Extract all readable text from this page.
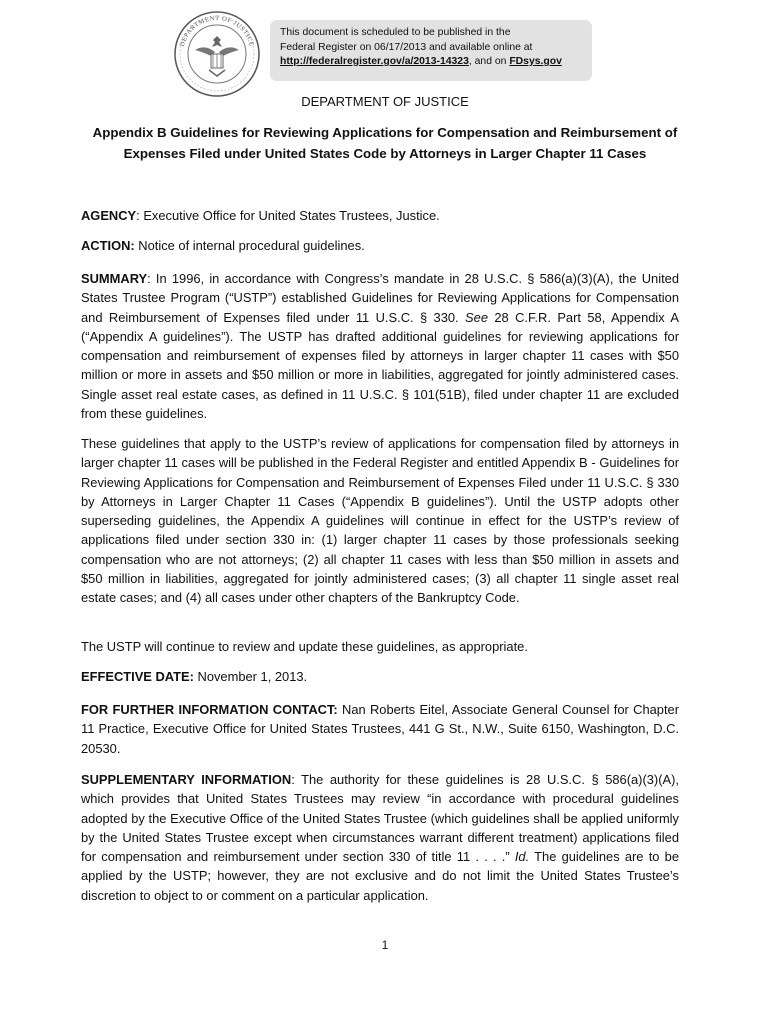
DEPARTMENT OF JUSTICE
This document is scheduled to be published in the
Federal Register on 06/17/2013 and available online at
http://federalregister.gov/a/2013-14323, and on FDsys.gov
DEPARTMENT OF JUSTICE
Appendix B Guidelines for Reviewing Applications for Compensation and Reimbursement of Expenses Filed under United States Code by Attorneys in Larger Chapter 11 Cases
AGENCY: Executive Office for United States Trustees, Justice.
ACTION: Notice of internal procedural guidelines.
SUMMARY: In 1996, in accordance with Congress’s mandate in 28 U.S.C. § 586(a)(3)(A), the United States Trustee Program (“USTP”) established Guidelines for Reviewing Applications for Compensation and Reimbursement of Expenses filed under 11 U.S.C. § 330. See 28 C.F.R. Part 58, Appendix A (“Appendix A guidelines”). The USTP has drafted additional guidelines for reviewing applications for compensation and reimbursement of expenses filed by attorneys in larger chapter 11 cases with $50 million or more in assets and $50 million or more in liabilities, aggregated for jointly administered cases. Single asset real estate cases, as defined in 11 U.S.C. § 101(51B), filed under chapter 11 are excluded from these guidelines.
These guidelines that apply to the USTP’s review of applications for compensation filed by attorneys in larger chapter 11 cases will be published in the Federal Register and entitled Appendix B - Guidelines for Reviewing Applications for Compensation and Reimbursement of Expenses Filed under 11 U.S.C. § 330 by Attorneys in Larger Chapter 11 Cases (“Appendix B guidelines”). Until the USTP adopts other superseding guidelines, the Appendix A guidelines will continue in effect for the USTP’s review of applications filed under section 330 in: (1) larger chapter 11 cases by those professionals seeking compensation who are not attorneys; (2) all chapter 11 cases with less than $50 million in assets and $50 million in liabilities, aggregated for jointly administered cases; (3) all chapter 11 single asset real estate cases; and (4) all cases under other chapters of the Bankruptcy Code.
The USTP will continue to review and update these guidelines, as appropriate.
EFFECTIVE DATE: November 1, 2013.
FOR FURTHER INFORMATION CONTACT: Nan Roberts Eitel, Associate General Counsel for Chapter 11 Practice, Executive Office for United States Trustees, 441 G St., N.W., Suite 6150, Washington, D.C. 20530.
SUPPLEMENTARY INFORMATION: The authority for these guidelines is 28 U.S.C. § 586(a)(3)(A), which provides that United States Trustees may review “in accordance with procedural guidelines adopted by the Executive Office of the United States Trustee (which guidelines shall be applied uniformly by the United States Trustee except when circumstances warrant different treatment) applications filed for compensation and reimbursement under section 330 of title 11 . . . .” Id. The guidelines are to be applied by the USTP; however, they are not exclusive and do not limit the United States Trustee’s discretion to object to or comment on a particular application.
1
